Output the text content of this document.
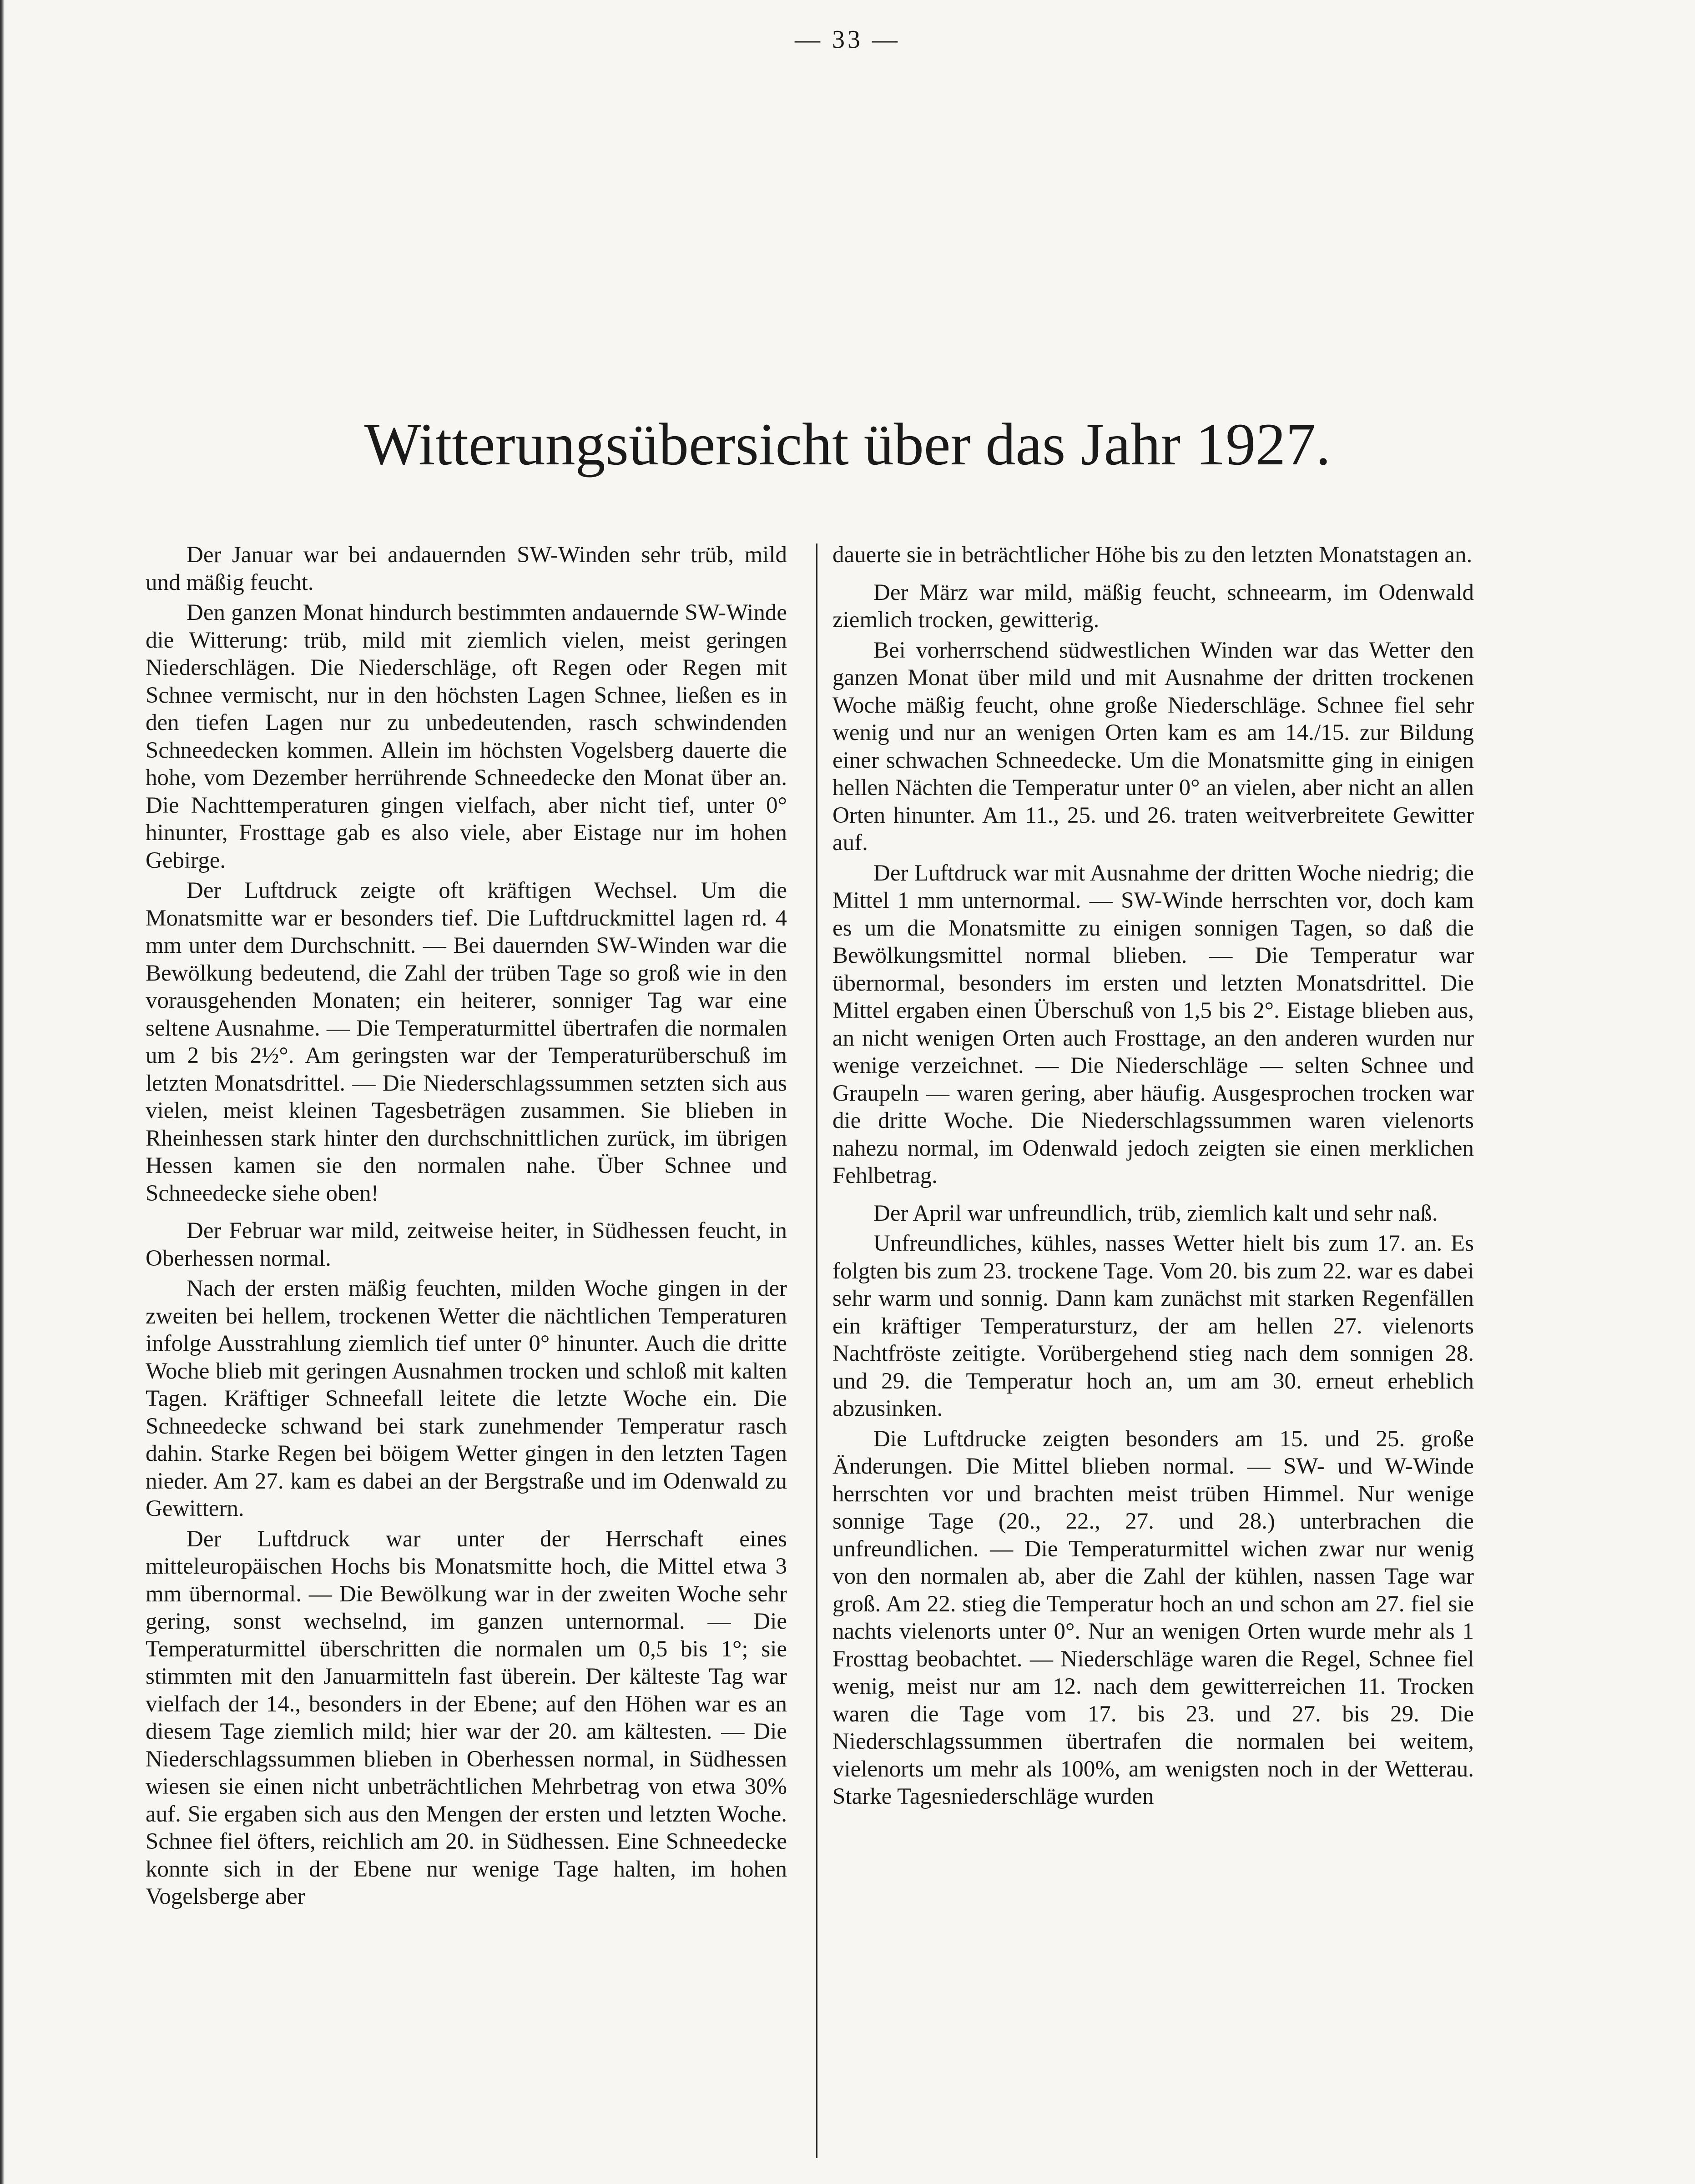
— 33 —
Witterungsübersicht über das Jahr 1927.

Der Januar war bei andauernden SW-Winden sehr trüb, mild und mäßig feucht.

Den ganzen Monat hindurch bestimmten andauernde SW-Winde die Witterung: trüb, mild mit ziemlich vielen, meist geringen Niederschlägen. Die Niederschläge, oft Regen oder Regen mit Schnee vermischt, nur in den höchsten Lagen Schnee, ließen es in den tiefen Lagen nur zu unbedeutenden, rasch schwindenden Schneedecken kommen. Allein im höchsten Vogelsberg dauerte die hohe, vom Dezember herrührende Schneedecke den Monat über an. Die Nachttemperaturen gingen vielfach, aber nicht tief, unter 0° hinunter, Frosttage gab es also viele, aber Eistage nur im hohen Gebirge.

Der Luftdruck zeigte oft kräftigen Wechsel. Um die Monatsmitte war er besonders tief. Die Luftdruckmittel lagen rd. 4 mm unter dem Durchschnitt. — Bei dauernden SW-Winden war die Bewölkung bedeutend, die Zahl der trüben Tage so groß wie in den vorausgehenden Monaten; ein heiterer, sonniger Tag war eine seltene Ausnahme. — Die Temperaturmittel übertrafen die normalen um 2 bis 2½°. Am geringsten war der Temperaturüberschuß im letzten Monatsdrittel. — Die Niederschlagssummen setzten sich aus vielen, meist kleinen Tagesbeträgen zusammen. Sie blieben in Rheinhessen stark hinter den durchschnittlichen zurück, im übrigen Hessen kamen sie den normalen nahe. Über Schnee und Schneedecke siehe oben!

Der Februar war mild, zeitweise heiter, in Südhessen feucht, in Oberhessen normal.

Nach der ersten mäßig feuchten, milden Woche gingen in der zweiten bei hellem, trockenen Wetter die nächtlichen Temperaturen infolge Ausstrahlung ziemlich tief unter 0° hinunter. Auch die dritte Woche blieb mit geringen Ausnahmen trocken und schloß mit kalten Tagen. Kräftiger Schneefall leitete die letzte Woche ein. Die Schneedecke schwand bei stark zunehmender Temperatur rasch dahin. Starke Regen bei böigem Wetter gingen in den letzten Tagen nieder. Am 27. kam es dabei an der Bergstraße und im Odenwald zu Gewittern.

Der Luftdruck war unter der Herrschaft eines mitteleuropäischen Hochs bis Monatsmitte hoch, die Mittel etwa 3 mm übernormal. — Die Bewölkung war in der zweiten Woche sehr gering, sonst wechselnd, im ganzen unternormal. — Die Temperaturmittel überschritten die normalen um 0,5 bis 1°; sie stimmten mit den Januarmitteln fast überein. Der kälteste Tag war vielfach der 14., besonders in der Ebene; auf den Höhen war es an diesem Tage ziemlich mild; hier war der 20. am kältesten. — Die Niederschlagssummen blieben in Oberhessen normal, in Südhessen wiesen sie einen nicht unbeträchtlichen Mehrbetrag von etwa 30% auf. Sie ergaben sich aus den Mengen der ersten und letzten Woche. Schnee fiel öfters, reichlich am 20. in Südhessen. Eine Schneedecke konnte sich in der Ebene nur wenige Tage halten, im hohen Vogelsberge aber

dauerte sie in beträchtlicher Höhe bis zu den letzten Monatstagen an.

Der März war mild, mäßig feucht, schneearm, im Odenwald ziemlich trocken, gewitterig.

Bei vorherrschend südwestlichen Winden war das Wetter den ganzen Monat über mild und mit Ausnahme der dritten trockenen Woche mäßig feucht, ohne große Niederschläge. Schnee fiel sehr wenig und nur an wenigen Orten kam es am 14./15. zur Bildung einer schwachen Schneedecke. Um die Monatsmitte ging in einigen hellen Nächten die Temperatur unter 0° an vielen, aber nicht an allen Orten hinunter. Am 11., 25. und 26. traten weitverbreitete Gewitter auf.

Der Luftdruck war mit Ausnahme der dritten Woche niedrig; die Mittel 1 mm unternormal. — SW-Winde herrschten vor, doch kam es um die Monatsmitte zu einigen sonnigen Tagen, so daß die Bewölkungsmittel normal blieben. — Die Temperatur war übernormal, besonders im ersten und letzten Monatsdrittel. Die Mittel ergaben einen Überschuß von 1,5 bis 2°. Eistage blieben aus, an nicht wenigen Orten auch Frosttage, an den anderen wurden nur wenige verzeichnet. — Die Niederschläge — selten Schnee und Graupeln — waren gering, aber häufig. Ausgesprochen trocken war die dritte Woche. Die Niederschlagssummen waren vielenorts nahezu normal, im Odenwald jedoch zeigten sie einen merklichen Fehlbetrag.

Der April war unfreundlich, trüb, ziemlich kalt und sehr naß.

Unfreundliches, kühles, nasses Wetter hielt bis zum 17. an. Es folgten bis zum 23. trockene Tage. Vom 20. bis zum 22. war es dabei sehr warm und sonnig. Dann kam zunächst mit starken Regenfällen ein kräftiger Temperatursturz, der am hellen 27. vielenorts Nachtfröste zeitigte. Vorübergehend stieg nach dem sonnigen 28. und 29. die Temperatur hoch an, um am 30. erneut erheblich abzusinken.

Die Luftdrucke zeigten besonders am 15. und 25. große Änderungen. Die Mittel blieben normal. — SW- und W-Winde herrschten vor und brachten meist trüben Himmel. Nur wenige sonnige Tage (20., 22., 27. und 28.) unterbrachen die unfreundlichen. — Die Temperaturmittel wichen zwar nur wenig von den normalen ab, aber die Zahl der kühlen, nassen Tage war groß. Am 22. stieg die Temperatur hoch an und schon am 27. fiel sie nachts vielenorts unter 0°. Nur an wenigen Orten wurde mehr als 1 Frosttag beobachtet. — Niederschläge waren die Regel, Schnee fiel wenig, meist nur am 12. nach dem gewitterreichen 11. Trocken waren die Tage vom 17. bis 23. und 27. bis 29. Die Niederschlagssummen übertrafen die normalen bei weitem, vielenorts um mehr als 100%, am wenigsten noch in der Wetterau. Starke Tagesniederschläge wurden
